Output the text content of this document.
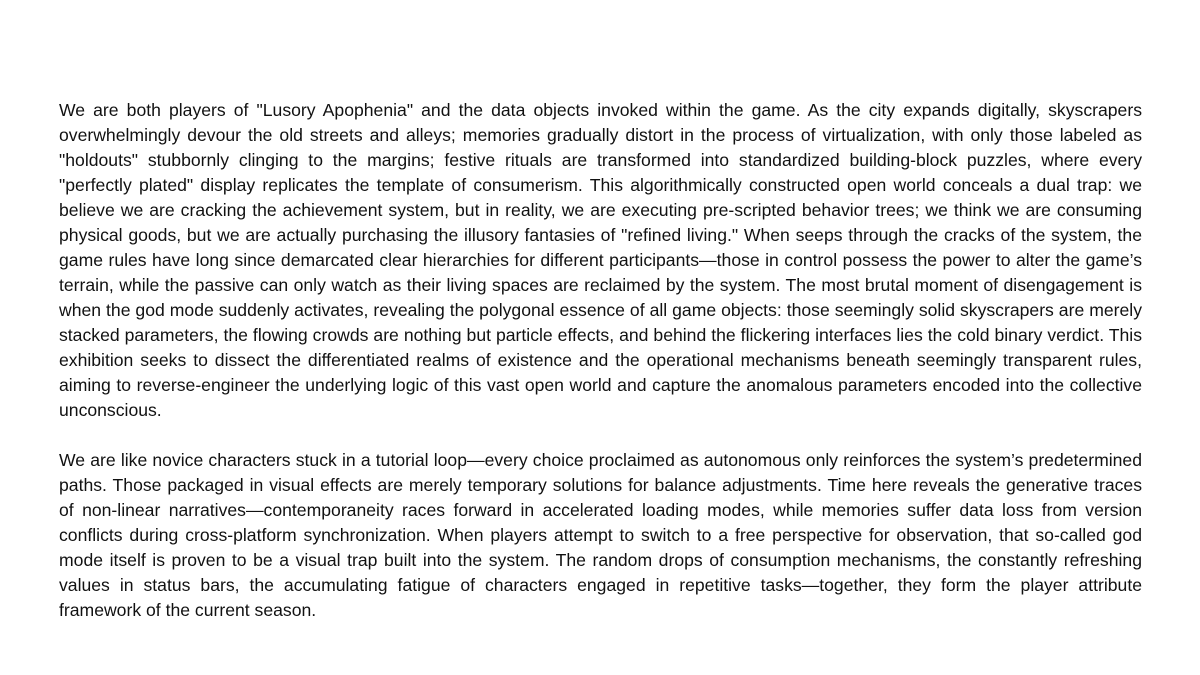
We are both players of "Lusory Apophenia" and the data objects invoked within the game. As the city expands digitally, skyscrapers overwhelmingly devour the old streets and alleys; memories gradually distort in the process of virtualization, with only those labeled as "holdouts" stubbornly clinging to the margins; festive rituals are transformed into standardized building-block puzzles, where every "perfectly plated" display replicates the template of consumerism. This algorithmically constructed open world conceals a dual trap: we believe we are cracking the achievement system, but in reality, we are executing pre-scripted behavior trees; we think we are consuming physical goods, but we are actually purchasing the illusory fantasies of "refined living." When seeps through the cracks of the system, the game rules have long since demarcated clear hierarchies for different participants—those in control possess the power to alter the game’s terrain, while the passive can only watch as their living spaces are reclaimed by the system. The most brutal moment of disengagement is when the god mode suddenly activates, revealing the polygonal essence of all game objects: those seemingly solid skyscrapers are merely stacked parameters, the flowing crowds are nothing but particle effects, and behind the flickering interfaces lies the cold binary verdict. This exhibition seeks to dissect the differentiated realms of existence and the operational mechanisms beneath seemingly transparent rules, aiming to reverse-engineer the underlying logic of this vast open world and capture the anomalous parameters encoded into the collective unconscious.

We are like novice characters stuck in a tutorial loop—every choice proclaimed as autonomous only reinforces the system’s predetermined paths. Those packaged in visual effects are merely temporary solutions for balance adjustments. Time here reveals the generative traces of non-linear narratives—contemporaneity races forward in accelerated loading modes, while memories suffer data loss from version conflicts during cross-platform synchronization. When players attempt to switch to a free perspective for observation, that so-called god mode itself is proven to be a visual trap built into the system. The random drops of consumption mechanisms, the constantly refreshing values in status bars, the accumulating fatigue of characters engaged in repetitive tasks—together, they form the player attribute framework of the current season.
